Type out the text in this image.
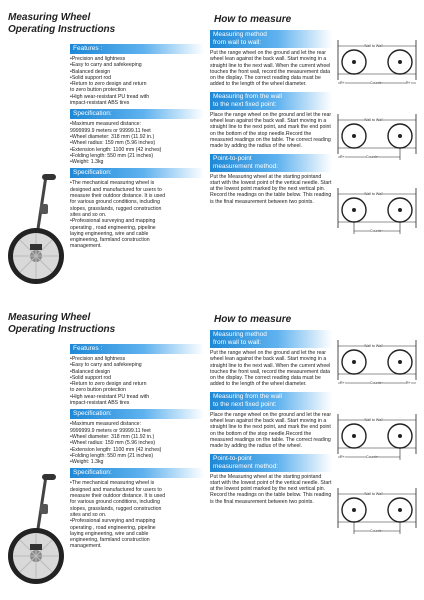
Measuring Wheel
Operating Instructions
How to measure
Features :
•Precision and lightness
•Easy to carry and safekeeping
•Balanced design
•Solid support rod
•Return to zero design and return
to zero button protection
•High wear-resistant PU tread with
impact-resistant ABS tires
Specification:
•Maximum measured distance:
9999999.9 meters or 99999.11 feet
•Wheel diameter: 318 mm (11.92 in.)
•Wheel radius: 159 mm (5.96 inches)
•Extension length: 1100 mm (42 inches)
•Folding length: 550 mm (21 inches)
•Weight: 1.3kg
Specification:
•The mechanical measuring wheel is
designed and manufactured for users to
measure their outdoor distance. It is used
for various ground conditions, including
slopes, grasslands, rugged construction
sites and so on.
•Professional surveying and mapping
operating , road engineering, pipeline
laying engineering, wire and cable
engineering, farmland construction
management.
Measuring method
from wall to wall:
Put the range wheel on the ground and let the rear wheel lean against the back wall. Start moving in a straight line to the next wall. When the current wheel touches the front wall, record the measurement data on the display. The correct reading data must be added to the length of the wheel diameter.
Measuring from the wall
to the next fixed point:
Place the range wheel on the ground and let the rear wheel lean against the back wall. Start moving in a straight line to the next point, and mark the end point on the bottom of the stop needle.Record the measured readings on the table. The correct reading made by adding the radius of the wheel.
Point-to-point
measurement method:
Put the Measuring wheel at the starting pointand start with the lowest point of the vertical needle. Start at the lowest point marked by the next vertical pin. Record the readings on the table below. This reading is the final measurement between two points.
Wall to Wall
R+	Counter	R+
Wall to Wall
R+	Counter
Wall to Wall
Counter
Measuring Wheel
Operating Instructions
How to measure
Features :
•Precision and lightness
•Easy to carry and safekeeping
•Balanced design
•Solid support rod
•Return to zero design and return
to zero button protection
•High wear-resistant PU tread with
impact-resistant ABS tires
Specification:
•Maximum measured distance:
9999999.9 meters or 99999.11 feet
•Wheel diameter: 318 mm (11.92 in.)
•Wheel radius: 159 mm (5.96 inches)
•Extension length: 1100 mm (42 inches)
•Folding length: 550 mm (21 inches)
•Weight: 1.3kg
Specification:
•The mechanical measuring wheel is
designed and manufactured for users to
measure their outdoor distance. It is used
for various ground conditions, including
slopes, grasslands, rugged construction
sites and so on.
•Professional surveying and mapping
operating , road engineering, pipeline
laying engineering, wire and cable
engineering, farmland construction
management.
Measuring method
from wall to wall:
Put the range wheel on the ground and let the rear wheel lean against the back wall. Start moving in a straight line to the next wall. When the current wheel touches the front wall, record the measurement data on the display. The correct reading data must be added to the length of the wheel diameter.
Measuring from the wall
to the next fixed point:
Place the range wheel on the ground and let the rear wheel lean against the back wall. Start moving in a straight line to the next point, and mark the end point on the bottom of the stop needle.Record the measured readings on the table. The correct reading made by adding the radius of the wheel.
Point-to-point
measurement method:
Put the Measuring wheel at the starting pointand start with the lowest point of the vertical needle. Start at the lowest point marked by the next vertical pin. Record the readings on the table below. This reading is the final measurement between two points.
Wall to Wall
R+	Counter	R+
Wall to Wall
R+	Counter
Wall to Wall
Counter
